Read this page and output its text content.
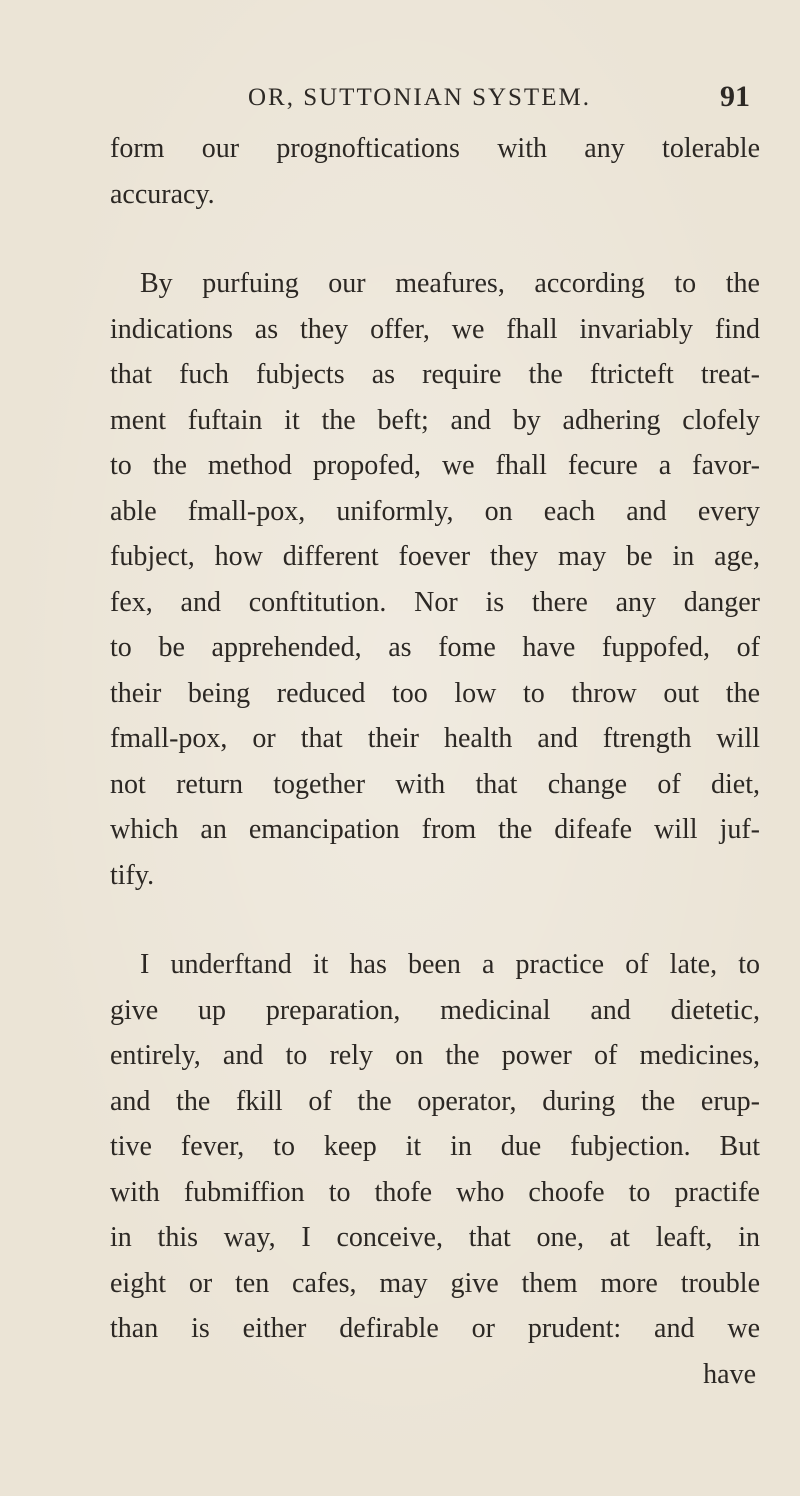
OR, SUTTONIAN SYSTEM.	91
form our prognoftications with any tolerable
accuracy.
By purfuing our meafures, according to the
indications as they offer, we fhall invariably find
that fuch fubjects as require the ftricteft treat-
ment fuftain it the beft; and by adhering clofely
to the method propofed, we fhall fecure a favor-
able fmall-pox, uniformly, on each and every
fubject, how different foever they may be in age,
fex, and conftitution. Nor is there any danger
to be apprehended, as fome have fuppofed, of
their being reduced too low to throw out the
fmall-pox, or that their health and ftrength will
not return together with that change of diet,
which an emancipation from the difeafe will juf-
tify.
I underftand it has been a practice of late, to
give up preparation, medicinal and dietetic,
entirely, and to rely on the power of medicines,
and the fkill of the operator, during the erup-
tive fever, to keep it in due fubjection. But
with fubmiffion to thofe who choofe to practife
in this way, I conceive, that one, at leaft, in
eight or ten cafes, may give them more trouble
than is either defirable or prudent: and we
have
